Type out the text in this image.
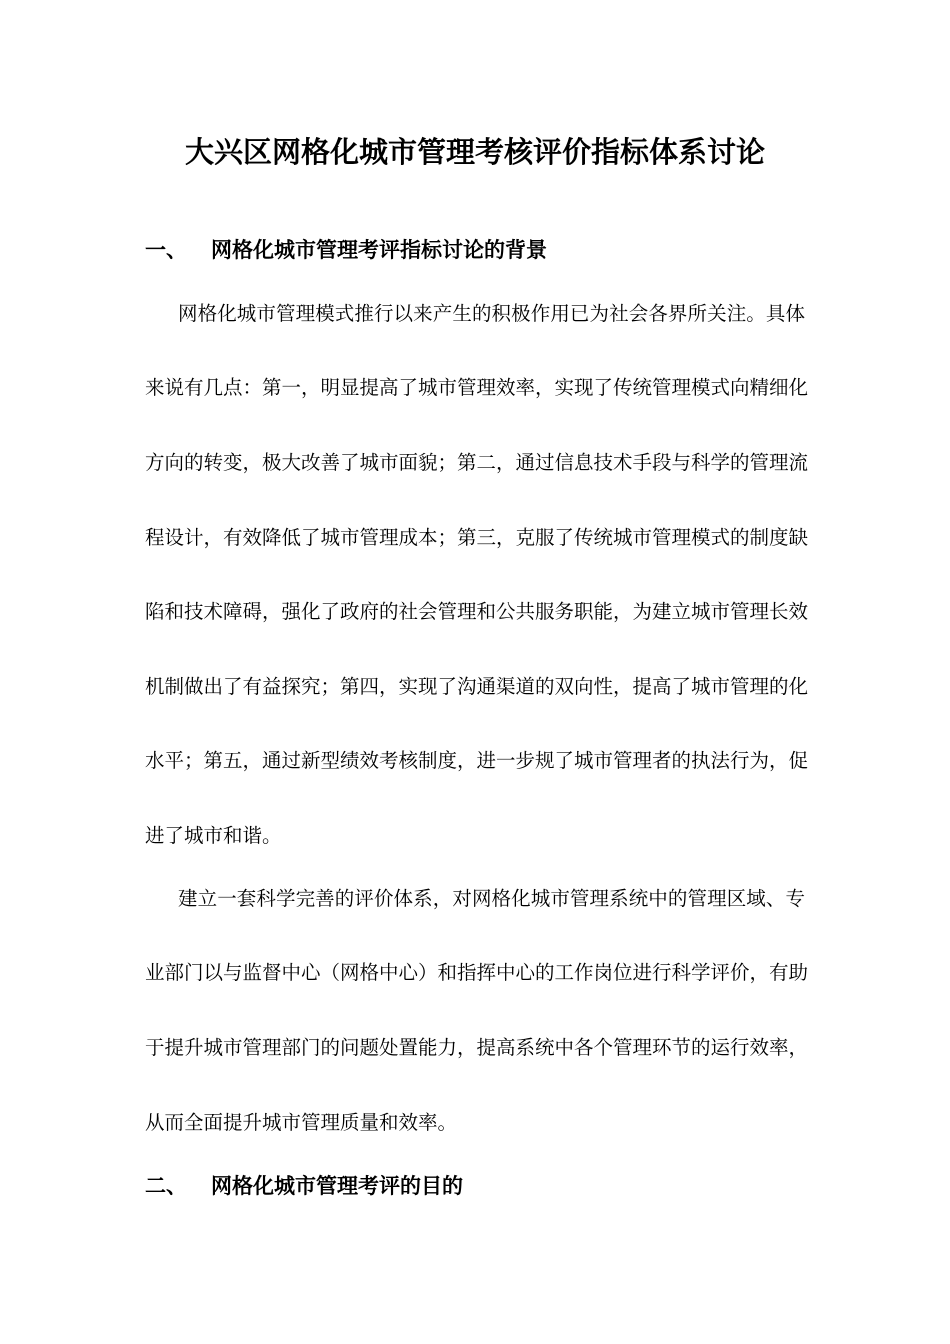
大兴区网格化城市管理考核评价指标体系讨论
一、 网格化城市管理考评指标讨论的背景

网格化城市管理模式推行以来产生的积极作用已为社会各界所关注。具体

来说有几点：第一，明显提高了城市管理效率，实现了传统管理模式向精细化

方向的转变，极大改善了城市面貌；第二，通过信息技术手段与科学的管理流

程设计，有效降低了城市管理成本；第三，克服了传统城市管理模式的制度缺

陷和技术障碍，强化了政府的社会管理和公共服务职能，为建立城市管理长效

机制做出了有益探究；第四，实现了沟通渠道的双向性，提高了城市管理的化

水平；第五，通过新型绩效考核制度，进一步规了城市管理者的执法行为，促

进了城市和谐。

建立一套科学完善的评价体系，对网格化城市管理系统中的管理区域、专

业部门以与监督中心（网格中心）和指挥中心的工作岗位进行科学评价，有助

于提升城市管理部门的问题处置能力，提高系统中各个管理环节的运行效率，

从而全面提升城市管理质量和效率。

二、 网格化城市管理考评的目的
